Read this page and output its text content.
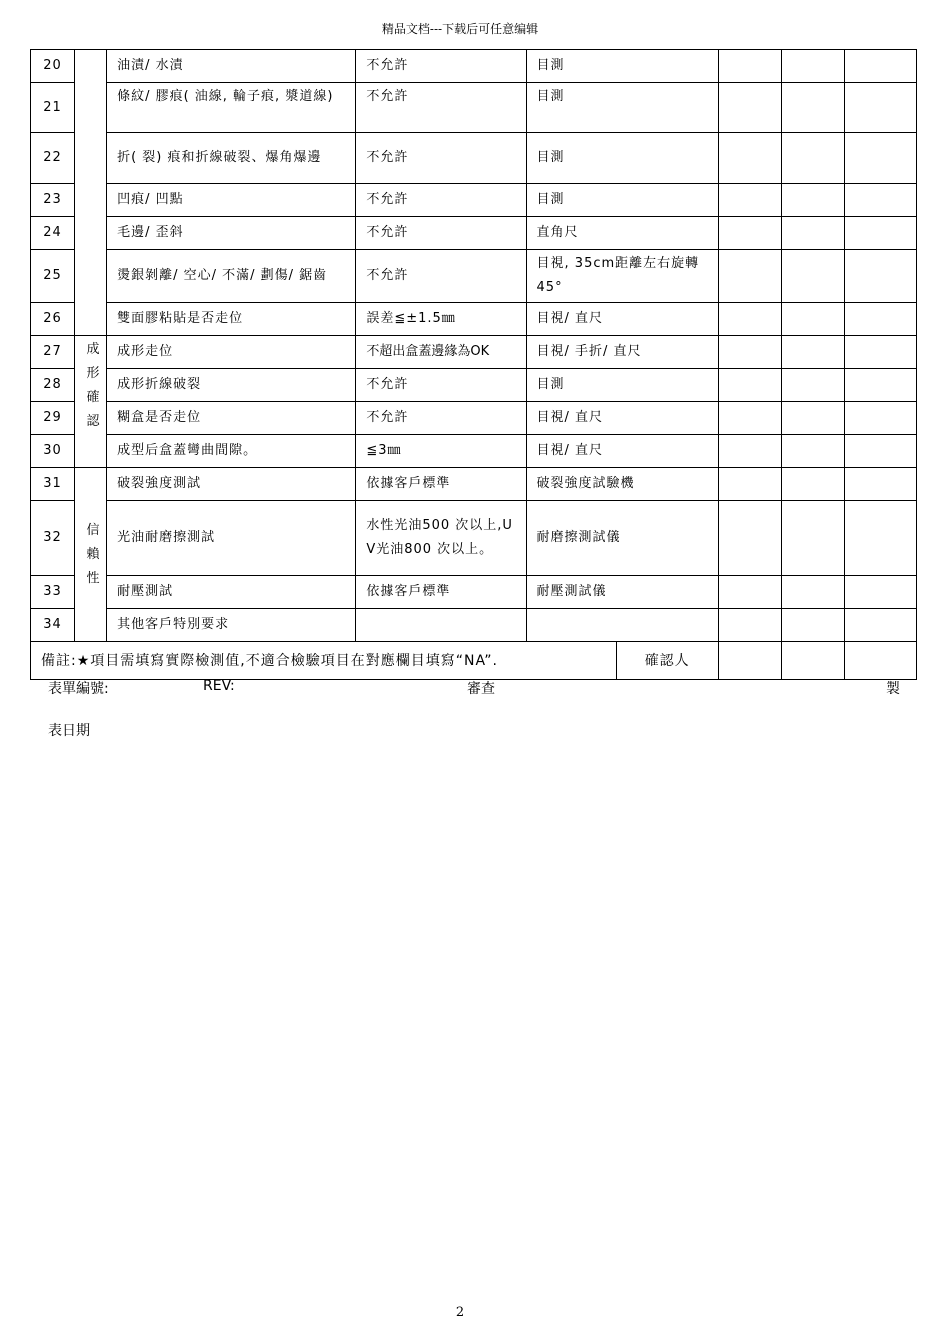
精品文档---下载后可任意编辑
20		油漬/ 水漬	不允許	目測				
21		條紋/ 膠痕( 油線, 輪子痕, 漿道線)	不允許	目測				
22		折( 裂) 痕和折線破裂、爆角爆邊	不允許	目測				
23		凹痕/ 凹點	不允許	目測				
24		毛邊/ 歪斜	不允許	直角尺				
25		燙銀剝離/ 空心/ 不滿/ 劃傷/ 鋸齒	不允許	目視, 35cm距離左右旋轉45°				
26		雙面膠粘貼是否走位	誤差≦±1.5㎜	目視/ 直尺				
27	成形確認	成形走位	不超出盒蓋邊緣為OK	目視/ 手折/ 直尺				
28		成形折線破裂	不允許	目測				
29		糊盒是否走位	不允許	目視/ 直尺				
30		成型后盒蓋彎曲間隙。	≦3㎜	目視/ 直尺				
31	信賴性	破裂強度測試	依據客戶標準	破裂強度試驗機				
32		光油耐磨擦測試	水性光油500 次以上,UV光油800 次以上。	耐磨擦測試儀				
33		耐壓測試	依據客戶標準	耐壓測試儀				
34		其他客戶特別要求						
備註:★項目需填寫實際檢測值,不適合檢驗項目在對應欄目填寫“NA”.					確認人			
表單編號:	REV:	審查	製
表日期
2
